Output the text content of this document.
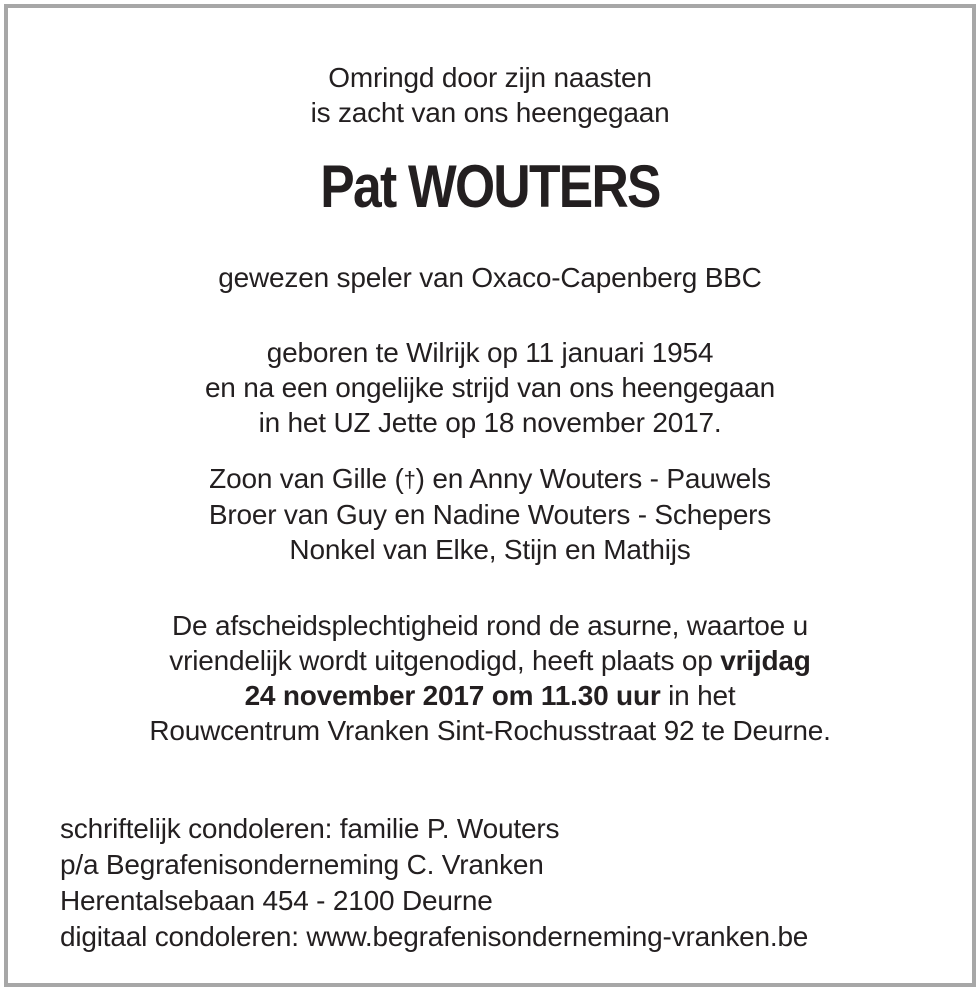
Omringd door zijn naasten
is zacht van ons heengegaan
Pat WOUTERS
gewezen speler van Oxaco-Capenberg BBC
geboren te Wilrijk op 11 januari 1954
en na een ongelijke strijd van ons heengegaan
in het UZ Jette op 18 november 2017.
Zoon van Gille (†) en Anny Wouters - Pauwels
Broer van Guy en Nadine Wouters - Schepers
Nonkel van Elke, Stijn en Mathijs
De afscheidsplechtigheid rond de asurne, waartoe u
vriendelijk wordt uitgenodigd, heeft plaats op vrijdag
24 november 2017 om 11.30 uur in het
Rouwcentrum Vranken Sint-Rochusstraat 92 te Deurne.
schriftelijk condoleren: familie P. Wouters
p/a Begrafenisonderneming C. Vranken
Herentalsebaan 454 - 2100 Deurne
digitaal condoleren: www.begrafenisonderneming-vranken.be
